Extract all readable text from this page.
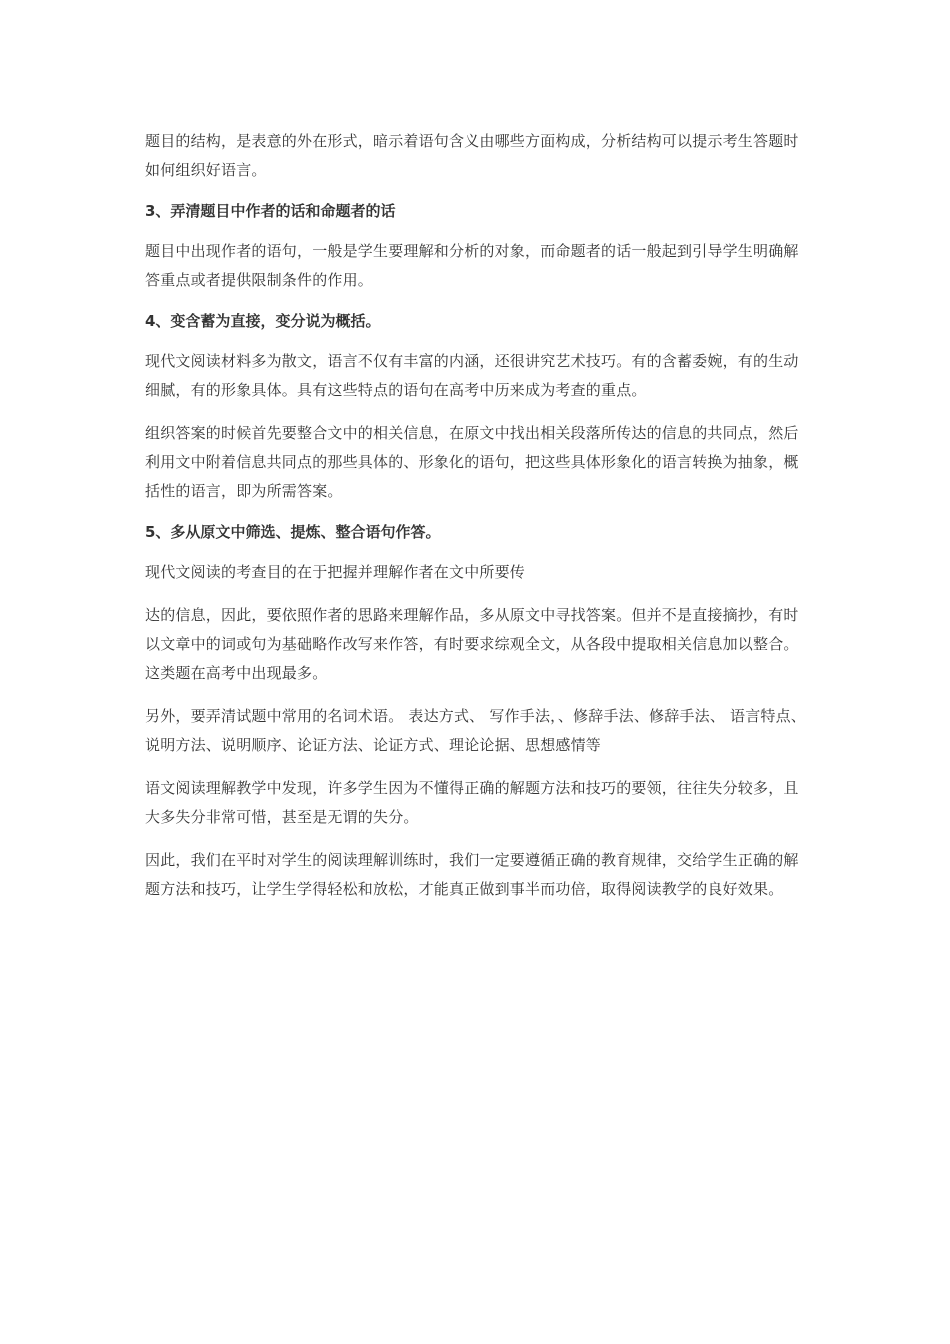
题目的结构，是表意的外在形式，暗示着语句含义由哪些方面构成，分析结构可以提示考生答题时如何组织好语言。

3、弄清题目中作者的话和命题者的话

题目中出现作者的语句，一般是学生要理解和分析的对象，而命题者的话一般起到引导学生明确解答重点或者提供限制条件的作用。

4、变含蓄为直接，变分说为概括。

现代文阅读材料多为散文，语言不仅有丰富的内涵，还很讲究艺术技巧。有的含蓄委婉，有的生动细腻，有的形象具体。具有这些特点的语句在高考中历来成为考查的重点。

组织答案的时候首先要整合文中的相关信息，在原文中找出相关段落所传达的信息的共同点，然后利用文中附着信息共同点的那些具体的、形象化的语句，把这些具体形象化的语言转换为抽象，概括性的语言，即为所需答案。

5、多从原文中筛选、提炼、整合语句作答。

现代文阅读的考查目的在于把握并理解作者在文中所要传

达的信息，因此，要依照作者的思路来理解作品，多从原文中寻找答案。但并不是直接摘抄，有时以文章中的词或句为基础略作改写来作答，有时要求综观全文，从各段中提取相关信息加以整合。这类题在高考中出现最多。

另外，要弄清试题中常用的名词术语。 表达方式、 写作手法，、修辞手法、修辞手法、 语言特点、 说明方法、说明顺序、论证方法、论证方式、理论论据、思想感情等

语文阅读理解教学中发现，许多学生因为不懂得正确的解题方法和技巧的要领，往往失分较多，且大多失分非常可惜，甚至是无谓的失分。

因此，我们在平时对学生的阅读理解训练时，我们一定要遵循正确的教育规律，交给学生正确的解题方法和技巧，让学生学得轻松和放松，才能真正做到事半而功倍，取得阅读教学的良好效果。
